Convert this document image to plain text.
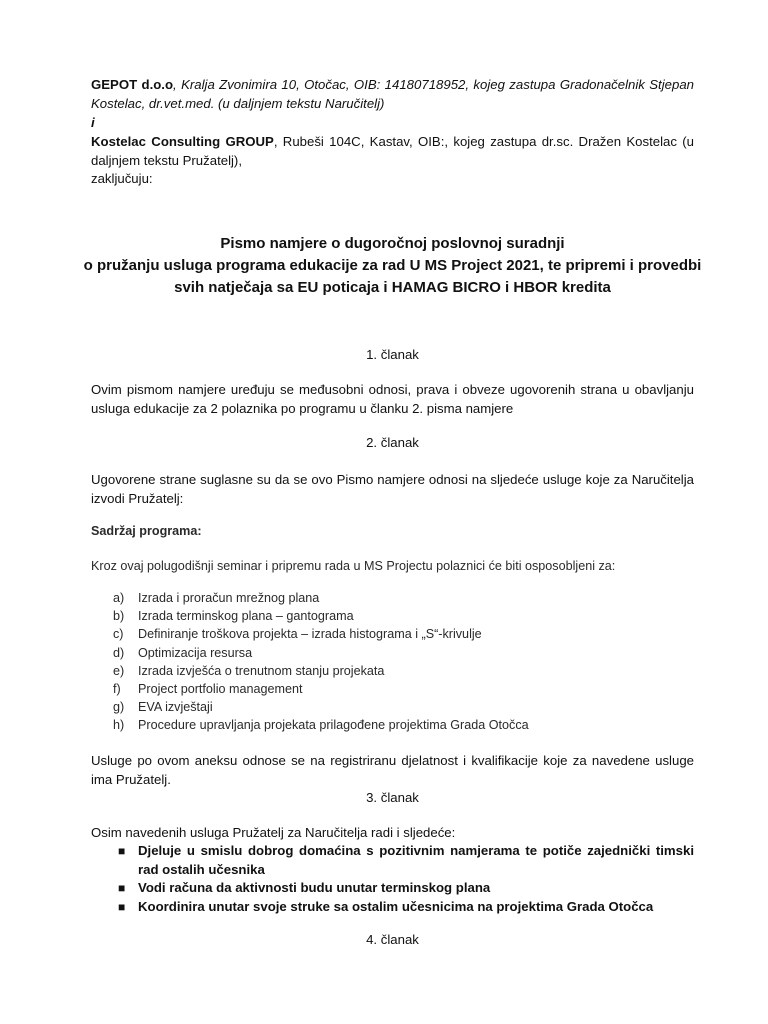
GEPOT d.o.o, Kralja Zvonimira 10, Otočac, OIB: 14180718952, kojeg zastupa Gradonačelnik Stjepan Kostelac, dr.vet.med. (u daljnjem tekstu Naručitelj)
i
Kostelac Consulting GROUP, Rubeši 104C, Kastav, OIB:, kojeg zastupa dr.sc. Dražen Kostelac (u daljnjem tekstu Pružatelj),
zaključuju:
Pismo namjere o dugoročnoj poslovnoj suradnji
o pružanju usluga programa edukacije za rad U MS Project 2021, te pripremi i provedbi svih natječaja sa EU poticaja i HAMAG BICRO i HBOR kredita
1. članak
Ovim pismom namjere uređuju se međusobni odnosi, prava i obveze ugovorenih strana u obavljanju usluga edukacije za 2 polaznika po programu u članku 2. pisma namjere
2. članak
Ugovorene strane suglasne su da se ovo Pismo namjere odnosi na sljedeće usluge koje za Naručitelja izvodi Pružatelj:
Sadržaj programa:
Kroz ovaj polugodišnji seminar i pripremu rada u MS Projectu polaznici će biti osposobljeni za:
a) Izrada i proračun mrežnog plana
b) Izrada terminskog plana – gantograma
c) Definiranje troškova projekta – izrada histograma i „S“-krivulje
d) Optimizacija resursa
e) Izrada izvješća o trenutnom stanju projekata
f) Project portfolio management
g) EVA izvještaji
h) Procedure upravljanja projekata prilagođene projektima Grada Otočca
Usluge po ovom aneksu odnose se na registriranu djelatnost i kvalifikacije koje za navedene usluge ima Pružatelj.
3. članak
Osim navedenih usluga Pružatelj za Naručitelja radi i sljedeće:
■ Djeluje u smislu dobrog domaćina s pozitivnim namjerama te potiče zajednički timski rad ostalih učesnika
■ Vodi računa da aktivnosti budu unutar terminskog plana
■ Koordinira unutar svoje struke sa ostalim učesnicima na projektima Grada Otočca
4. članak
